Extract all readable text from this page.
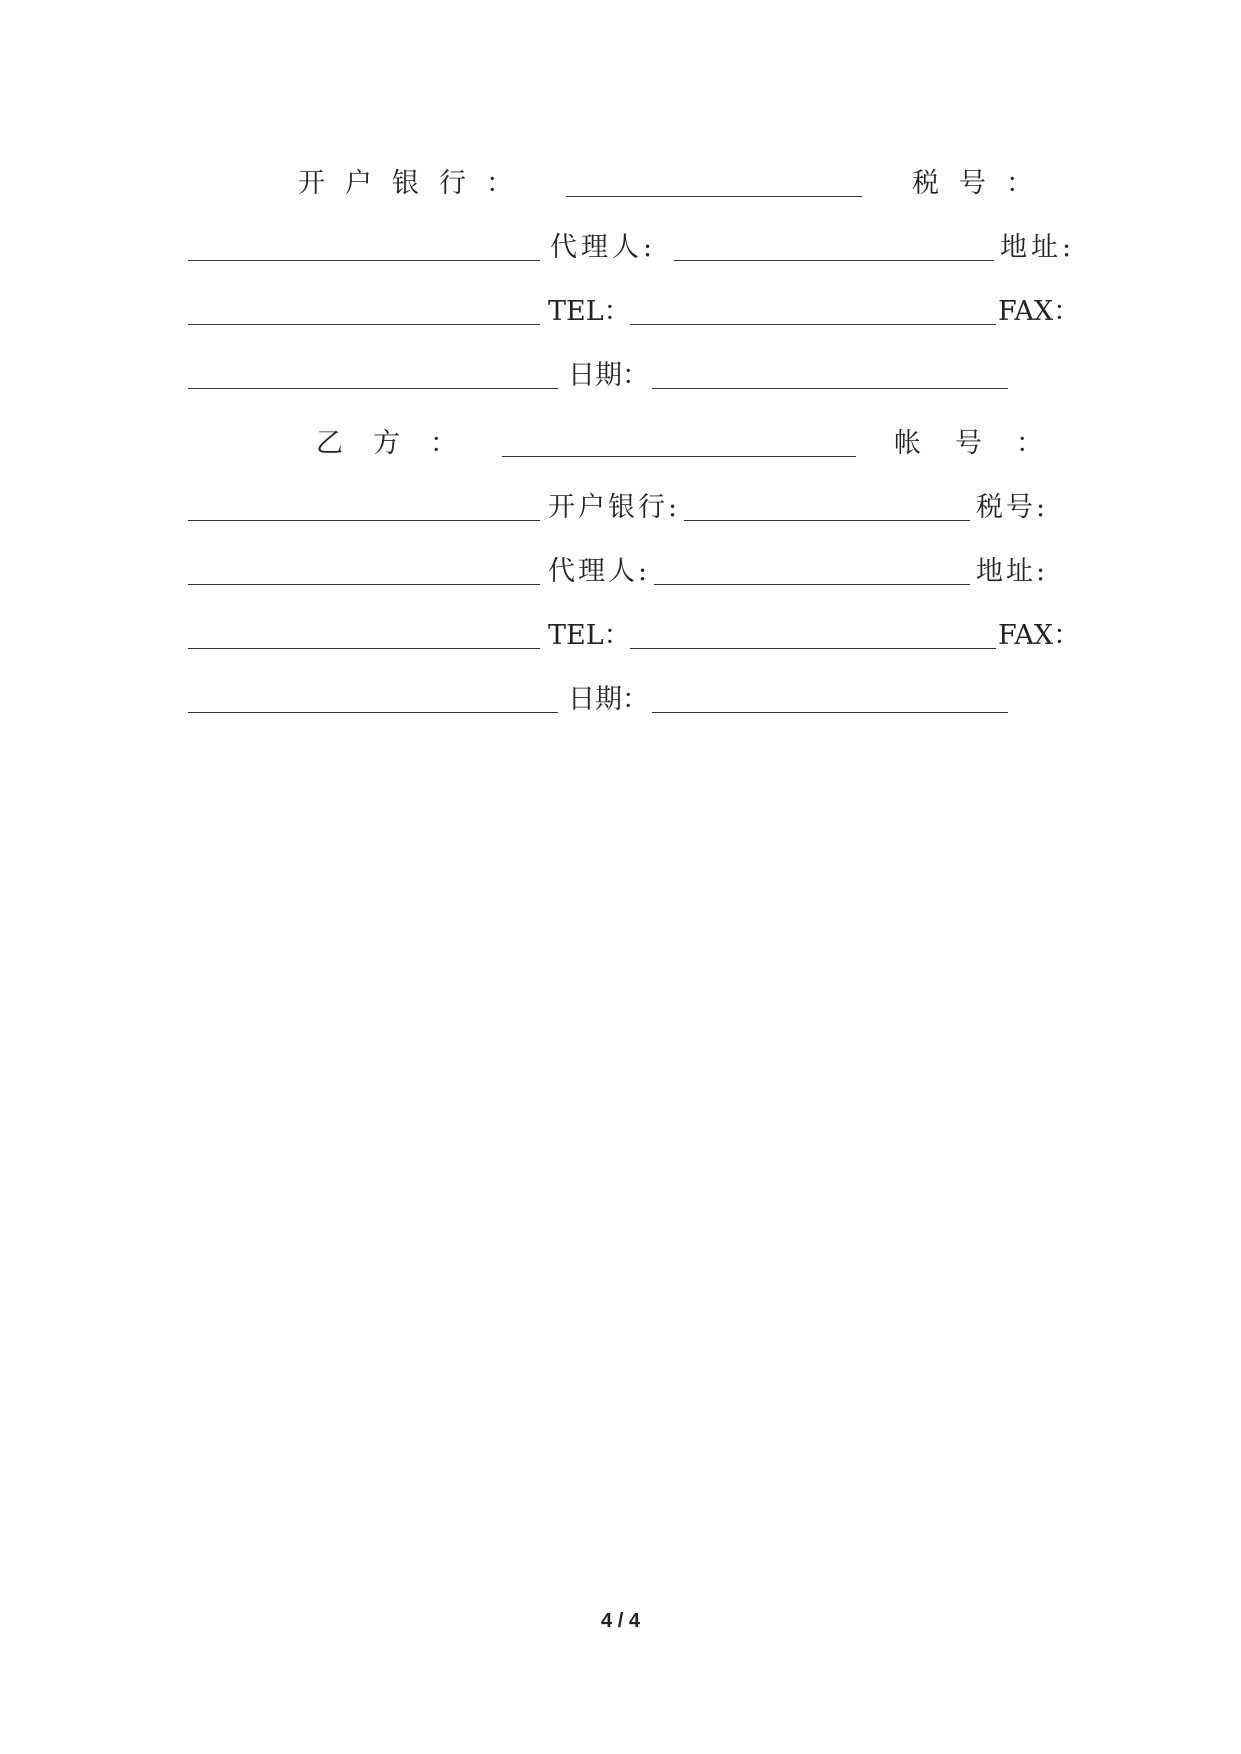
开户银行：	税号：
代理人:	地址:
TEL：	FAX：
日期：
乙方：	帐号：
开户银行:	税号:
代理人:	地址:
TEL：	FAX：
日期：
4 / 4
